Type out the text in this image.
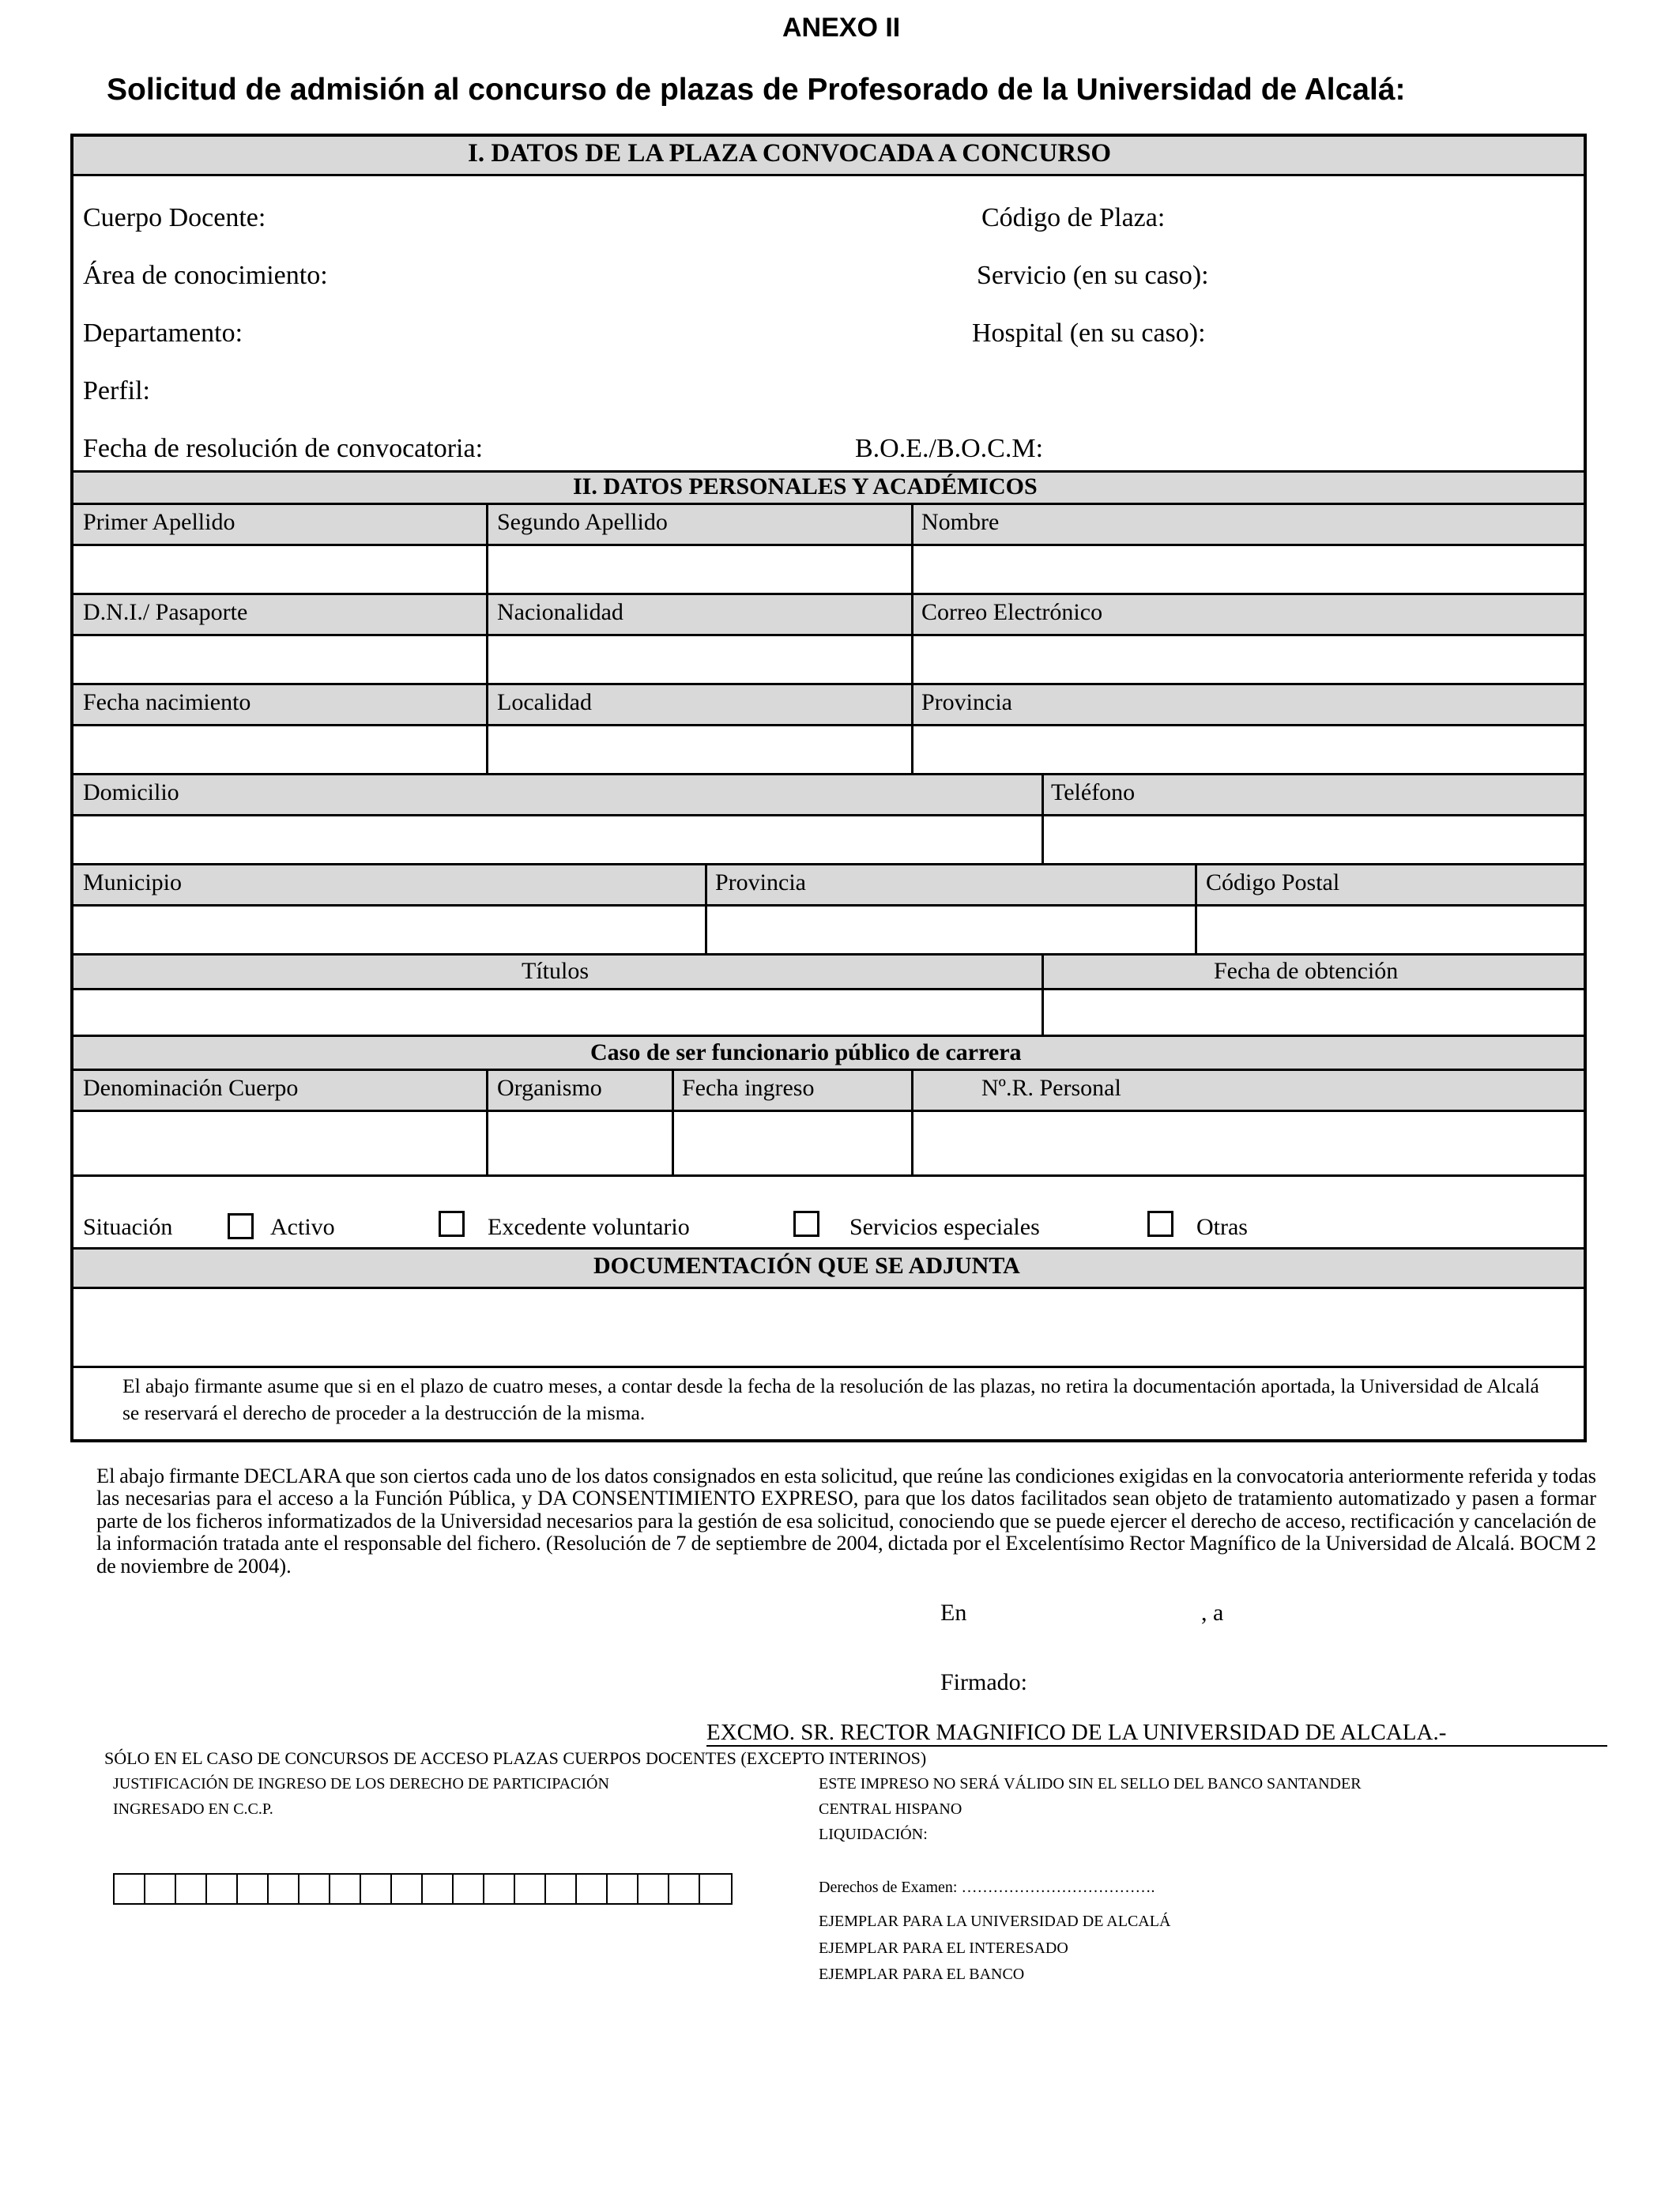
ANEXO II
Solicitud de admisión al concurso de plazas de Profesorado de la Universidad de Alcalá:
I. DATOS DE LA PLAZA CONVOCADA A CONCURSO
Cuerpo Docente:	Código de Plaza:
Área de conocimiento:	Servicio (en su caso):
Departamento:	Hospital (en su caso):
Perfil:
Fecha de resolución de convocatoria:	B.O.E./B.O.C.M:
II. DATOS PERSONALES Y ACADÉMICOS
Primer Apellido	Segundo Apellido	Nombre
D.N.I./ Pasaporte	Nacionalidad	Correo Electrónico
Fecha nacimiento	Localidad	Provincia
Domicilio	Teléfono
Municipio	Provincia	Código Postal
Títulos	Fecha de obtención
Caso de ser funcionario público de carrera
Denominación Cuerpo	Organismo	Fecha ingreso	Nº.R. Personal
Situación	Activo	Excedente voluntario	Servicios especiales	Otras
DOCUMENTACIÓN QUE SE ADJUNTA
El abajo firmante asume que si en el plazo de cuatro meses, a contar desde la fecha de la resolución de las plazas, no retira la documentación aportada, la Universidad de Alcalá se reservará el derecho de proceder a la destrucción de la misma.
El abajo firmante DECLARA que son ciertos cada uno de los datos consignados en esta solicitud, que reúne las condiciones exigidas en la convocatoria anteriormente referida y todas las necesarias para el acceso a la Función Pública, y DA CONSENTIMIENTO EXPRESO, para que los datos facilitados sean objeto de tratamiento automatizado y pasen a formar parte de los ficheros informatizados de la Universidad necesarios para la gestión de esa solicitud, conociendo que se puede ejercer el derecho de acceso, rectificación y cancelación de la información tratada ante el responsable del fichero. (Resolución de 7 de septiembre de 2004, dictada por el Excelentísimo Rector Magnífico de la Universidad de Alcalá. BOCM 2 de noviembre de 2004).
En	, a
Firmado:
EXCMO. SR. RECTOR MAGNIFICO DE LA UNIVERSIDAD DE ALCALA.-
SÓLO EN EL CASO DE CONCURSOS DE ACCESO PLAZAS CUERPOS DOCENTES (EXCEPTO INTERINOS)
JUSTIFICACIÓN DE INGRESO DE LOS DERECHO DE PARTICIPACIÓN
INGRESADO EN C.C.P.
ESTE IMPRESO NO SERÁ VÁLIDO SIN EL SELLO DEL BANCO SANTANDER
CENTRAL HISPANO
LIQUIDACIÓN:
Derechos de Examen: ……………………………….
EJEMPLAR PARA LA UNIVERSIDAD DE ALCALÁ
EJEMPLAR PARA EL INTERESADO
EJEMPLAR PARA EL BANCO
